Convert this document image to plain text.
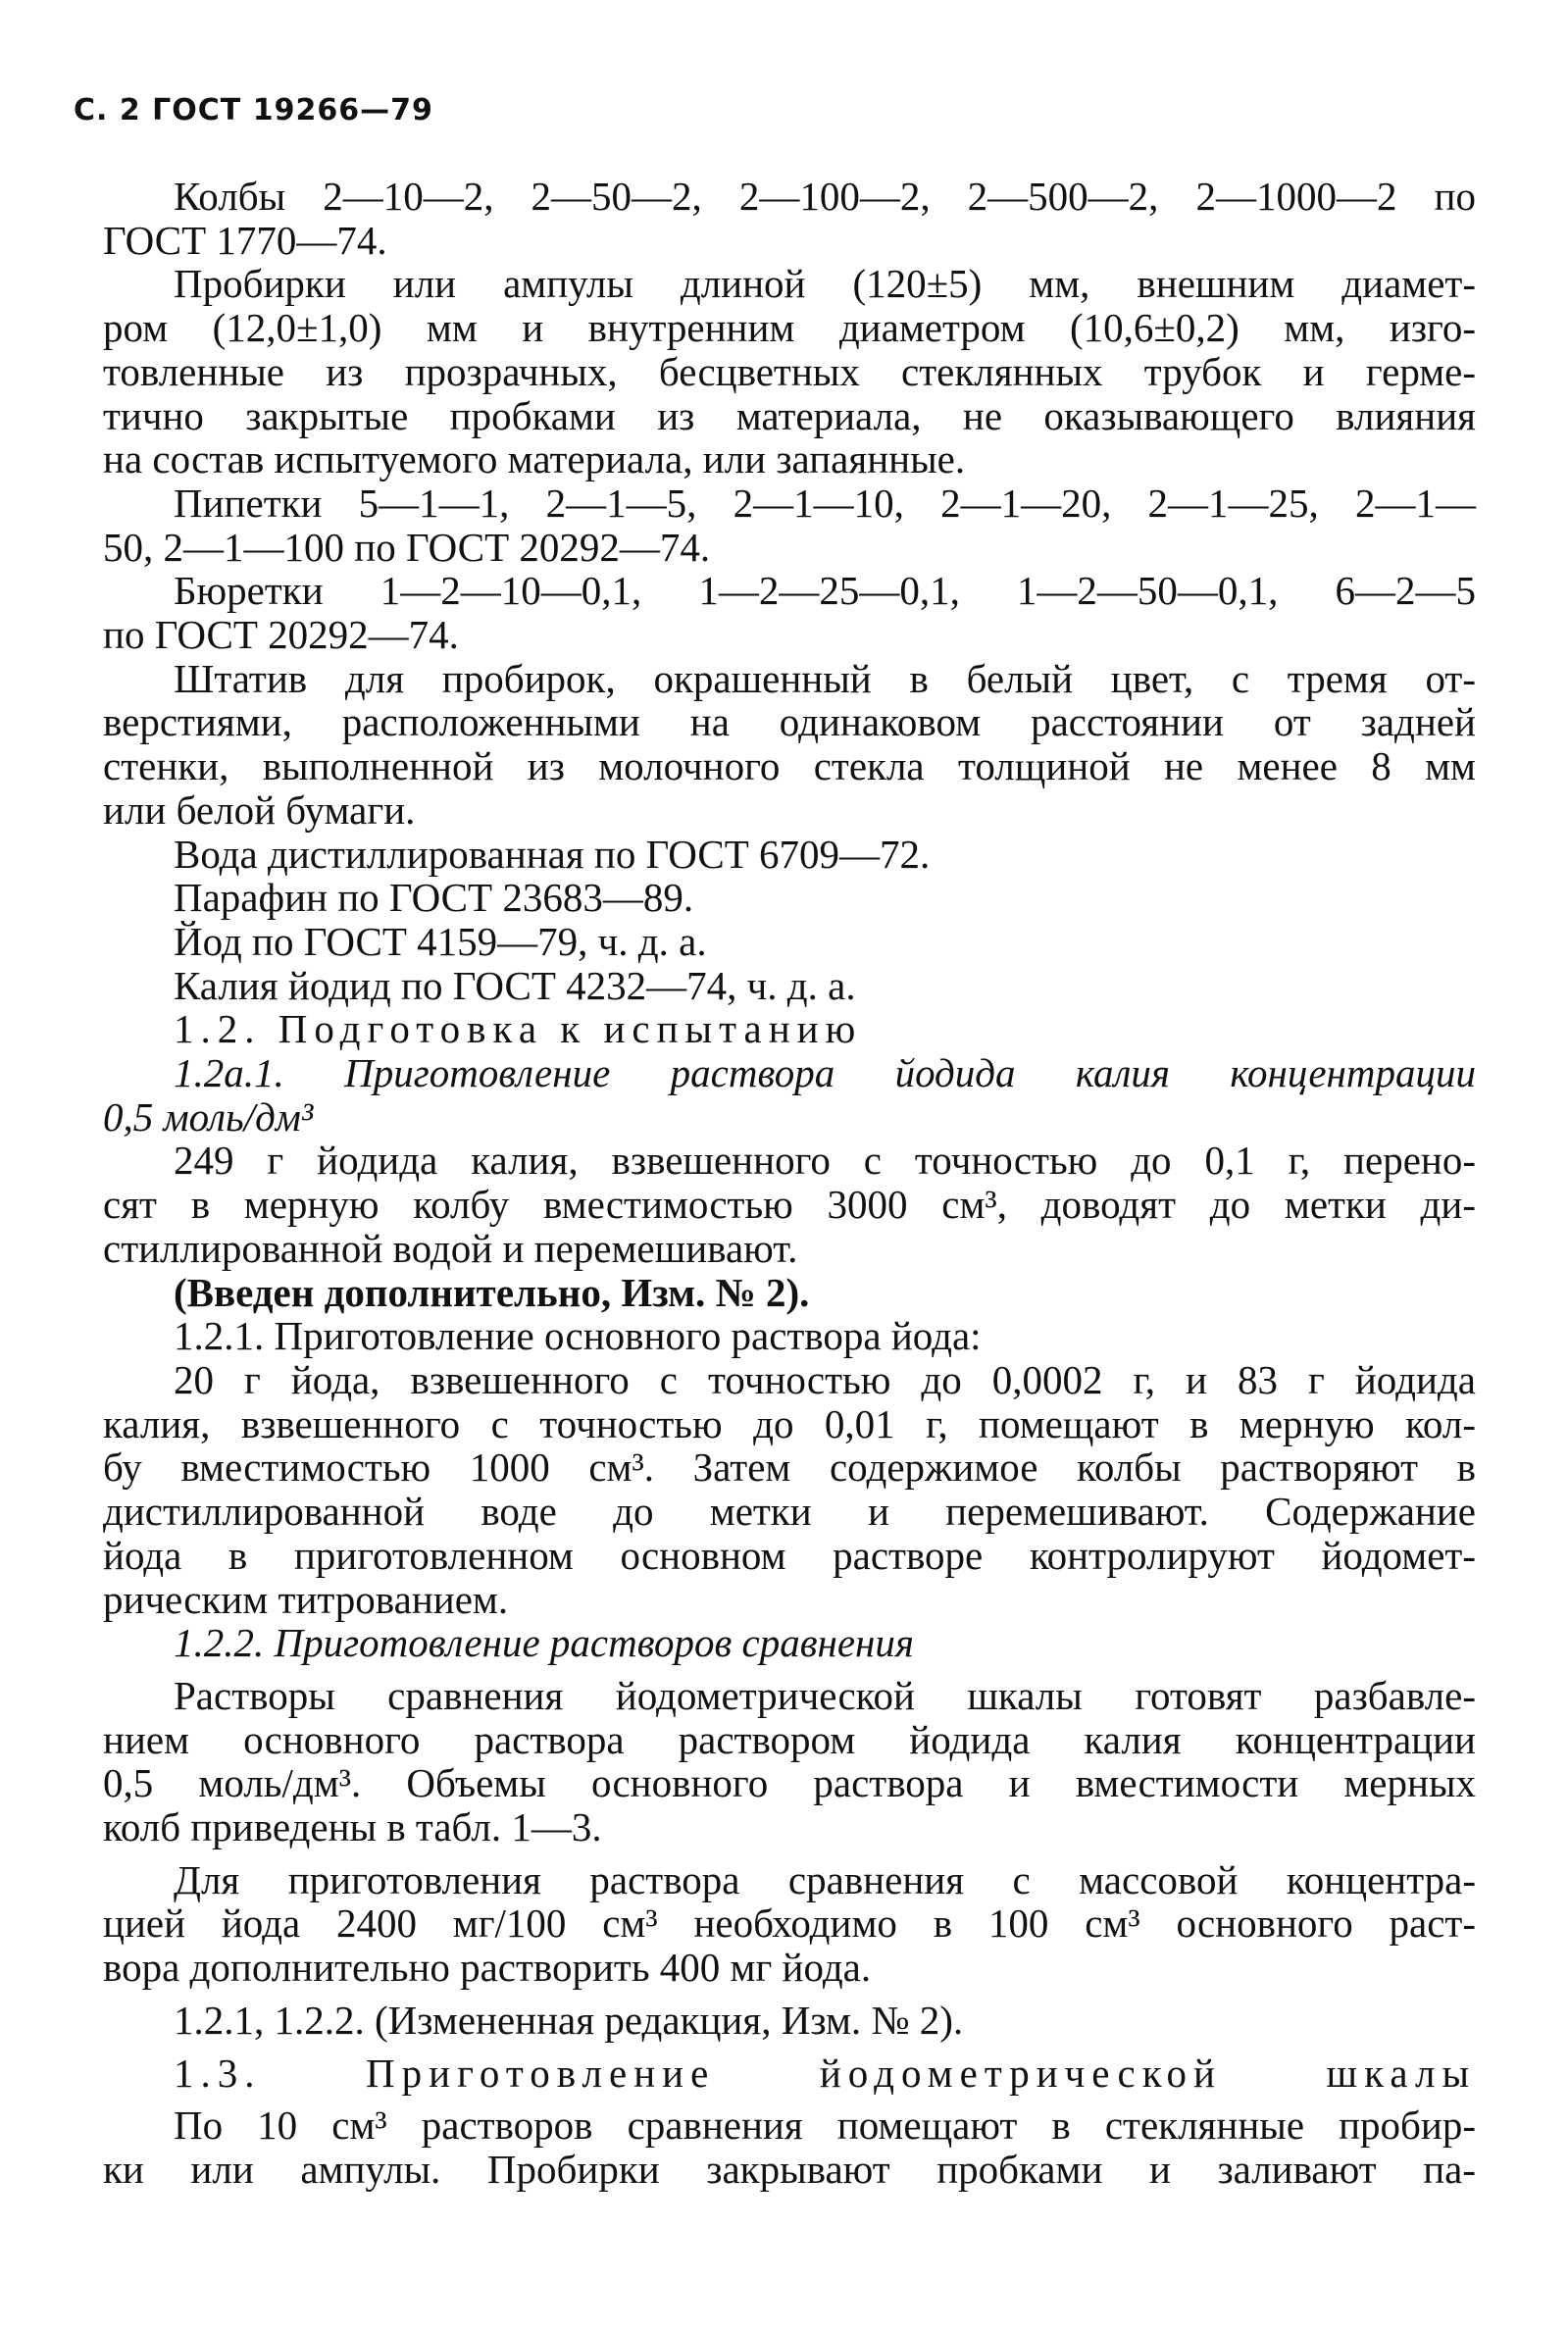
С. 2 ГОСТ 19266—79
Колбы 2—10—2, 2—50—2, 2—100—2, 2—500—2, 2—1000—2 по
ГОСТ 1770—74.
Пробирки или ампулы длиной (120±5) мм, внешним диамет-
ром (12,0±1,0) мм и внутренним диаметром (10,6±0,2) мм, изго-
товленные из прозрачных, бесцветных стеклянных трубок и герме-
тично закрытые пробками из материала, не оказывающего влияния
на состав испытуемого материала, или запаянные.
Пипетки 5—1—1, 2—1—5, 2—1—10, 2—1—20, 2—1—25, 2—1—
50, 2—1—100 по ГОСТ 20292—74.
Бюретки 1—2—10—0,1, 1—2—25—0,1, 1—2—50—0,1, 6—2—5
по ГОСТ 20292—74.
Штатив для пробирок, окрашенный в белый цвет, с тремя от-
верстиями, расположенными на одинаковом расстоянии от задней
стенки, выполненной из молочного стекла толщиной не менее 8 мм
или белой бумаги.
Вода дистиллированная по ГОСТ 6709—72.
Парафин по ГОСТ 23683—89.
Йод по ГОСТ 4159—79, ч. д. а.
Калия йодид по ГОСТ 4232—74, ч. д. а.
1.2. Подготовка к испытанию
1.2а.1. Приготовление раствора йодида калия концентрации
0,5 моль/дм³
249 г йодида калия, взвешенного с точностью до 0,1 г, перено-
сят в мерную колбу вместимостью 3000 см³, доводят до метки ди-
стиллированной водой и перемешивают.
(Введен дополнительно, Изм. № 2).
1.2.1. Приготовление основного раствора йода:
20 г йода, взвешенного с точностью до 0,0002 г, и 83 г йодида
калия, взвешенного с точностью до 0,01 г, помещают в мерную кол-
бу вместимостью 1000 см³. Затем содержимое колбы растворяют в
дистиллированной воде до метки и перемешивают. Содержание
йода в приготовленном основном растворе контролируют йодомет-
рическим титрованием.
1.2.2. Приготовление растворов сравнения
Растворы сравнения йодометрической шкалы готовят разбавле-
нием основного раствора раствором йодида калия концентрации
0,5 моль/дм³. Объемы основного раствора и вместимости мерных
колб приведены в табл. 1—3.
Для приготовления раствора сравнения с массовой концентра-
цией йода 2400 мг/100 см³ необходимо в 100 см³ основного раст-
вора дополнительно растворить 400 мг йода.
1.2.1, 1.2.2. (Измененная редакция, Изм. № 2).
1.3. Приготовление йодометрической шкалы
По 10 см³ растворов сравнения помещают в стеклянные пробир-
ки или ампулы. Пробирки закрывают пробками и заливают па-
